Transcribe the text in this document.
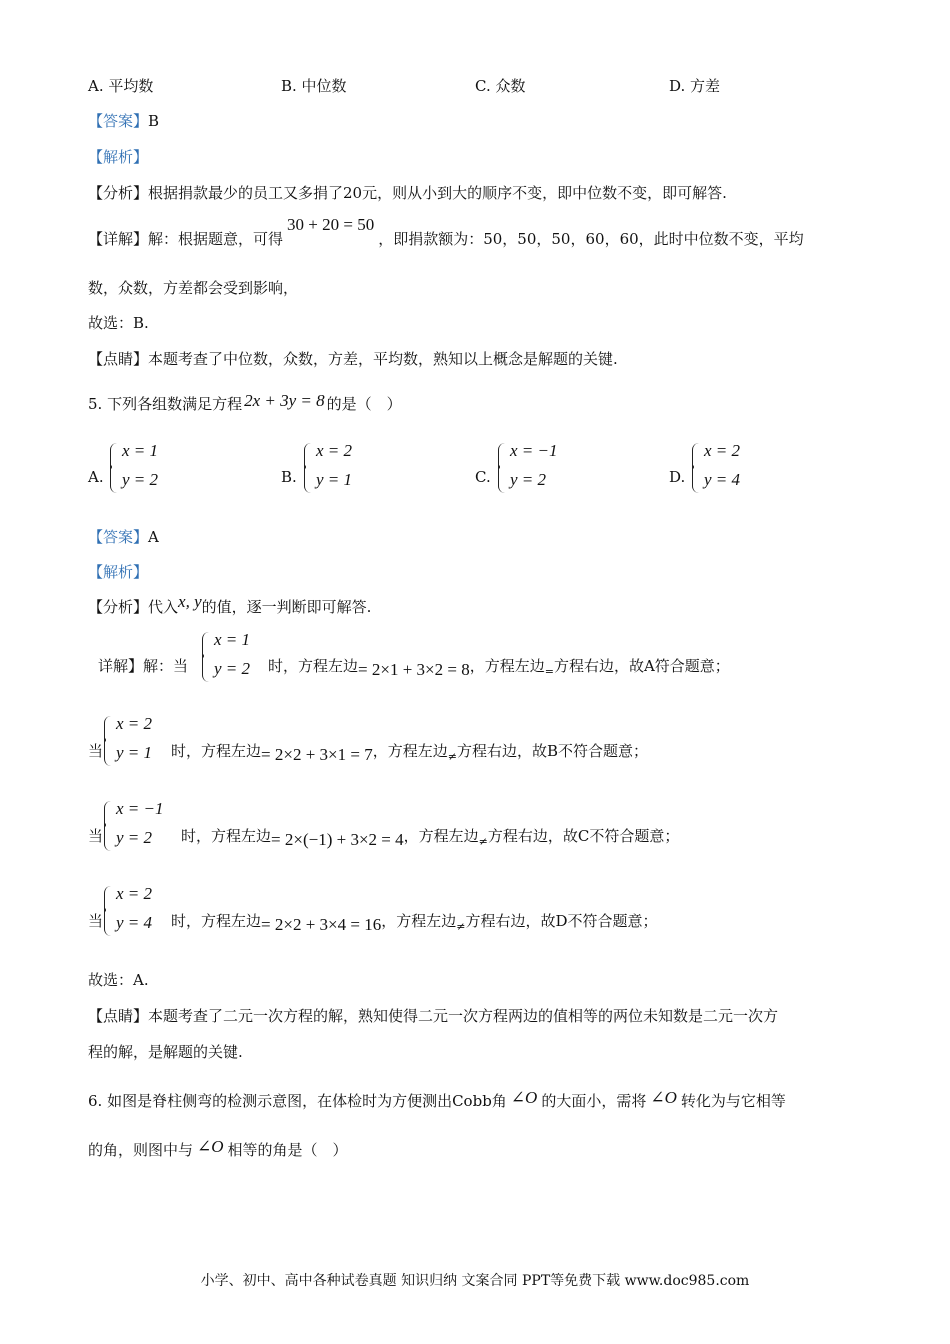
A. 平均数	B. 中位数	C. 众数	D. 方差
【答案】B
【解析】
【分析】根据捐款最少的员工又多捐了20元，则从小到大的顺序不变，即中位数不变，即可解答.
【详解】解：根据题意，可得30 + 20 = 50，即捐款额为：50，50，50，60，60，此时中位数不变，平均
数，众数，方差都会受到影响，
故选：B.
【点睛】本题考查了中位数，众数，方差，平均数，熟知以上概念是解题的关键.
5. 下列各组数满足方程 2x + 3y = 8 的是（　）
A.
x = 1
y = 2	B.
x = 2
y = 1	C.
x = −1
y = 2	D.
x = 2
y = 4
【答案】A
【解析】
【分析】代入x, y的值，逐一判断即可解答.
详解】解：当	时，方程左边= 2×1 + 3×2 = 8，方程左边$_=$方程右边，故A符合题意；
x = 1
y = 2
当	时，方程左边= 2×2 + 3×1 = 7，方程左边$_\ne$方程右边，故B不符合题意；
x = 2
y = 1
当	时，方程左边= 2×(−1) + 3×2 = 4，方程左边$_\ne$方程右边，故C不符合题意；
x = −1
y = 2
当	时，方程左边= 2×2 + 3×4 = 16，方程左边$_\ne$方程右边，故D不符合题意；
x = 2
y = 4
故选：A.
【点睛】本题考查了二元一次方程的解，熟知使得二元一次方程两边的值相等的两位未知数是二元一次方
程的解，是解题的关键.
6. 如图是脊柱侧弯的检测示意图，在体检时为方便测出Cobb角 ∠O 的大面小，需将 ∠O 转化为与它相等
的角，则图中与 ∠O 相等的角是（　）
小学、初中、高中各种试卷真题 知识归纳 文案合同 PPT等免费下载 www.doc985.com
